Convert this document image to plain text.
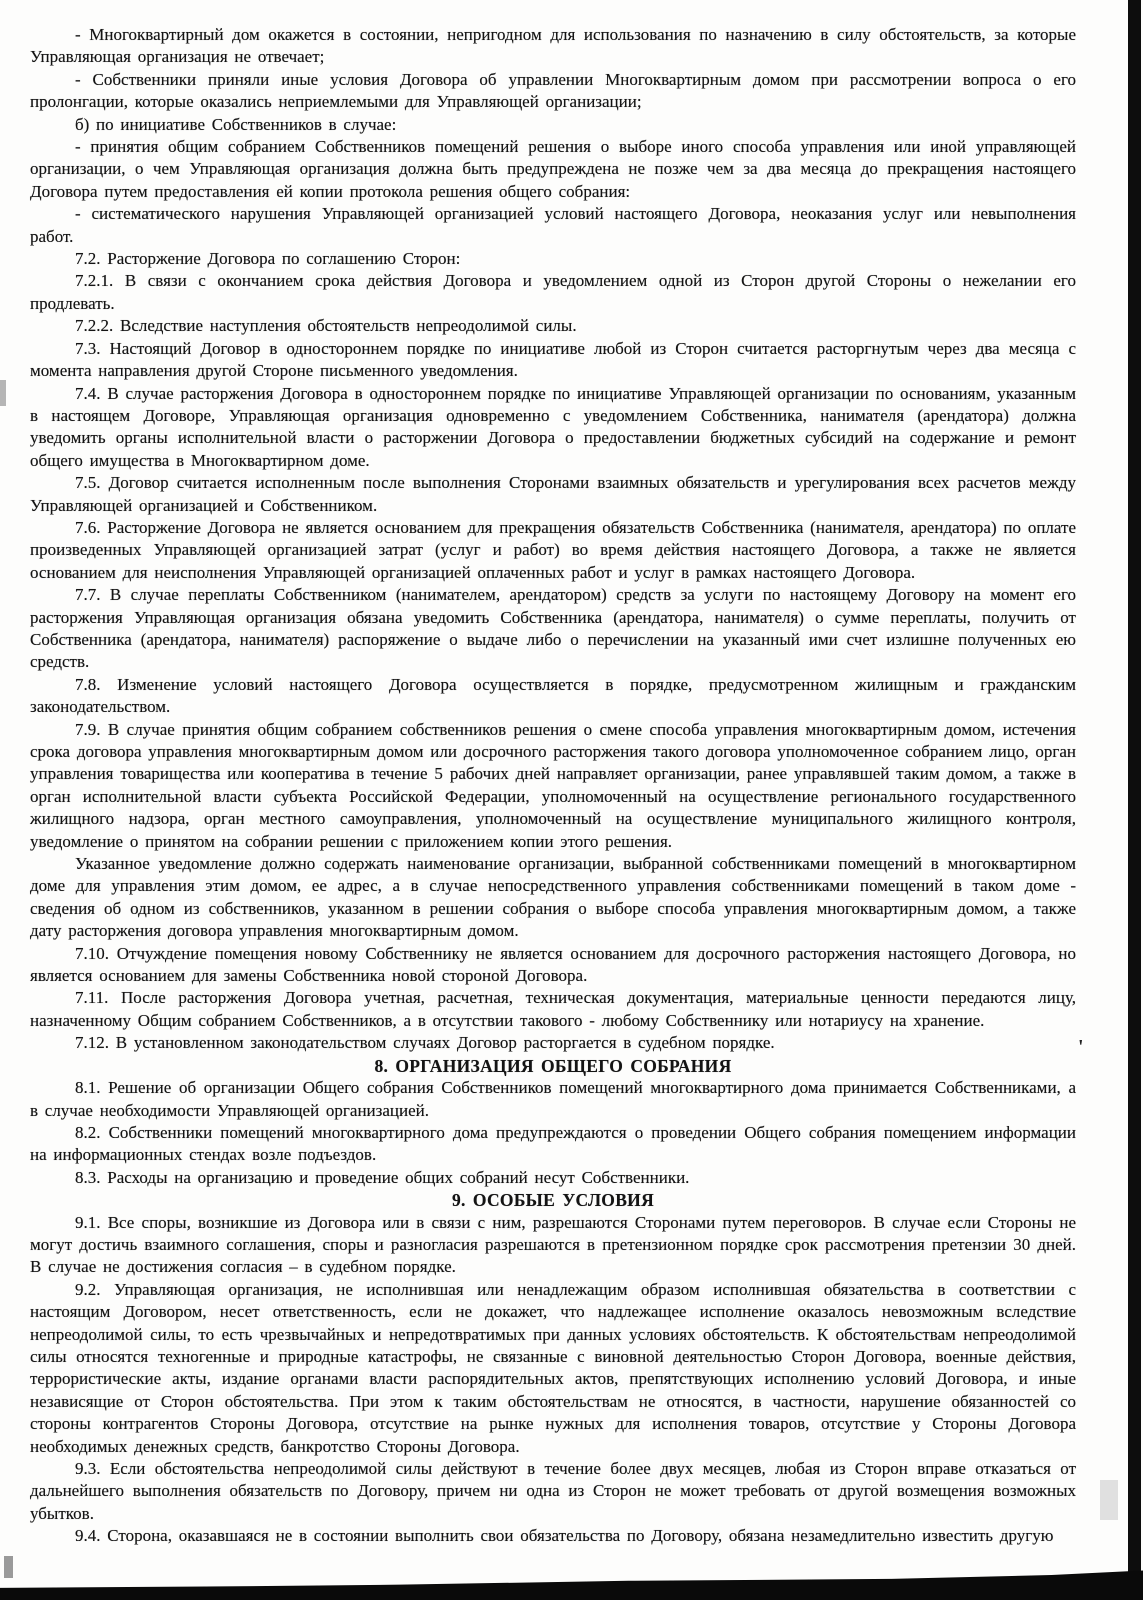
- Многоквартирный дом окажется в состоянии, непригодном для использования по назначению в силу обстоятельств, за которые Управляющая организация не отвечает;

- Собственники приняли иные условия Договора об управлении Многоквартирным домом при рассмотрении вопроса о его пролонгации, которые оказались неприемлемыми для Управляющей организации;

б) по инициативе Собственников в случае:

- принятия общим собранием Собственников помещений решения о выборе иного способа управления или иной управляющей организации, о чем Управляющая организация должна быть предупреждена не позже чем за два месяца до прекращения настоящего Договора путем предоставления ей копии протокола решения общего собрания:

- систематического нарушения Управляющей организацией условий настоящего Договора, неоказания услуг или невыполнения работ.

7.2. Расторжение Договора по соглашению Сторон:

7.2.1. В связи с окончанием срока действия Договора и уведомлением одной из Сторон другой Стороны о нежелании его продлевать.

7.2.2. Вследствие наступления обстоятельств непреодолимой силы.

7.3. Настоящий Договор в одностороннем порядке по инициативе любой из Сторон считается расторгнутым через два месяца с момента направления другой Стороне письменного уведомления.

7.4. В случае расторжения Договора в одностороннем порядке по инициативе Управляющей организации по основаниям, указанным в настоящем Договоре, Управляющая организация одновременно с уведомлением Собственника, нанимателя (арендатора) должна уведомить органы исполнительной власти о расторжении Договора о предоставлении бюджетных субсидий на содержание и ремонт общего имущества в Многоквартирном доме.

7.5. Договор считается исполненным после выполнения Сторонами взаимных обязательств и урегулирования всех расчетов между Управляющей организацией и Собственником.

7.6. Расторжение Договора не является основанием для прекращения обязательств Собственника (нанимателя, арендатора) по оплате произведенных Управляющей организацией затрат (услуг и работ) во время действия настоящего Договора, а также не является основанием для неисполнения Управляющей организацией оплаченных работ и услуг в рамках настоящего Договора.

7.7. В случае переплаты Собственником (нанимателем, арендатором) средств за услуги по настоящему Договору на момент его расторжения Управляющая организация обязана уведомить Собственника (арендатора, нанимателя) о сумме переплаты, получить от Собственника (арендатора, нанимателя) распоряжение о выдаче либо о перечислении на указанный ими счет излишне полученных ею средств.

7.8. Изменение условий настоящего Договора осуществляется в порядке, предусмотренном жилищным и гражданским законодательством.

7.9. В случае принятия общим собранием собственников решения о смене способа управления многоквартирным домом, истечения срока договора управления многоквартирным домом или досрочного расторжения такого договора уполномоченное собранием лицо, орган управления товарищества или кооператива в течение 5 рабочих дней направляет организации, ранее управлявшей таким домом, а также в орган исполнительной власти субъекта Российской Федерации, уполномоченный на осуществление регионального государственного жилищного надзора, орган местного самоуправления, уполномоченный на осуществление муниципального жилищного контроля, уведомление о принятом на собрании решении с приложением копии этого решения.

Указанное уведомление должно содержать наименование организации, выбранной собственниками помещений в многоквартирном доме для управления этим домом, ее адрес, а в случае непосредственного управления собственниками помещений в таком доме - сведения об одном из собственников, указанном в решении собрания о выборе способа управления многоквартирным домом, а также дату расторжения договора управления многоквартирным домом.

7.10. Отчуждение помещения новому Собственнику не является основанием для досрочного расторжения настоящего Договора, но является основанием для замены Собственника новой стороной Договора.

7.11. После расторжения Договора учетная, расчетная, техническая документация, материальные ценности передаются лицу, назначенному Общим собранием Собственников, а в отсутствии такового - любому Собственнику или нотариусу на хранение.

7.12. В установленном законодательством случаях Договор расторгается в судебном порядке.

8. ОРГАНИЗАЦИЯ ОБЩЕГО СОБРАНИЯ

8.1. Решение об организации Общего собрания Собственников помещений многоквартирного дома принимается Собственниками, а в случае необходимости Управляющей организацией.

8.2. Собственники помещений многоквартирного дома предупреждаются о проведении Общего собрания помещением информации на информационных стендах возле подъездов.

8.3. Расходы на организацию и проведение общих собраний несут Собственники.

9. ОСОБЫЕ УСЛОВИЯ

9.1. Все споры, возникшие из Договора или в связи с ним, разрешаются Сторонами путем переговоров. В случае если Стороны не могут достичь взаимного соглашения, споры и разногласия разрешаются в претензионном порядке срок рассмотрения претензии 30 дней. В случае не достижения согласия – в судебном порядке.

9.2. Управляющая организация, не исполнившая или ненадлежащим образом исполнившая обязательства в соответствии с настоящим Договором, несет ответственность, если не докажет, что надлежащее исполнение оказалось невозможным вследствие непреодолимой силы, то есть чрезвычайных и непредотвратимых при данных условиях обстоятельств. К обстоятельствам непреодолимой силы относятся техногенные и природные катастрофы, не связанные с виновной деятельностью Сторон Договора, военные действия, террористические акты, издание органами власти распорядительных актов, препятствующих исполнению условий Договора, и иные независящие от Сторон обстоятельства. При этом к таким обстоятельствам не относятся, в частности, нарушение обязанностей со стороны контрагентов Стороны Договора, отсутствие на рынке нужных для исполнения товаров, отсутствие у Стороны Договора необходимых денежных средств, банкротство Стороны Договора.

9.3. Если обстоятельства непреодолимой силы действуют в течение более двух месяцев, любая из Сторон вправе отказаться от дальнейшего выполнения обязательств по Договору, причем ни одна из Сторон не может требовать от другой возмещения возможных убытков.

9.4. Сторона, оказавшаяся не в состоянии выполнить свои обязательства по Договору, обязана незамедлительно известить другую

'
